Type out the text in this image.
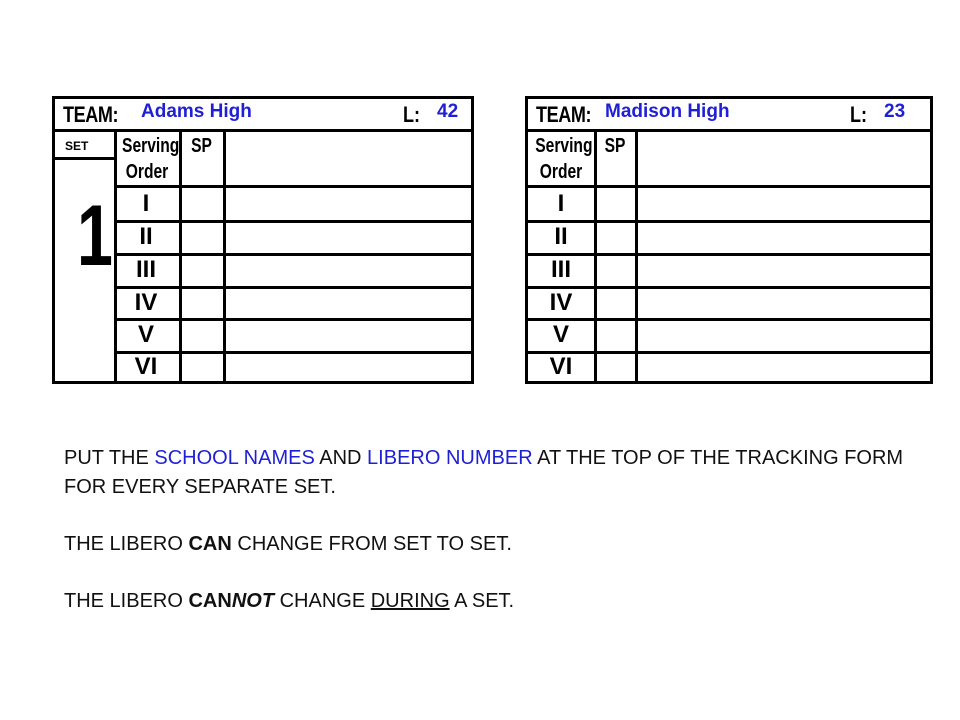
TEAM: Adams High	L: 42
SET
1
Serving
Order
SP
I
II
III
IV
V
VI
TEAM: Madison High	L: 23
Serving
Order
SP
I
II
III
IV
V
VI

PUT THE SCHOOL NAMES AND LIBERO NUMBER AT THE TOP OF THE TRACKING FORM FOR EVERY SEPARATE SET.

THE LIBERO CAN CHANGE FROM SET TO SET.

THE LIBERO CANNOT CHANGE DURING A SET.
